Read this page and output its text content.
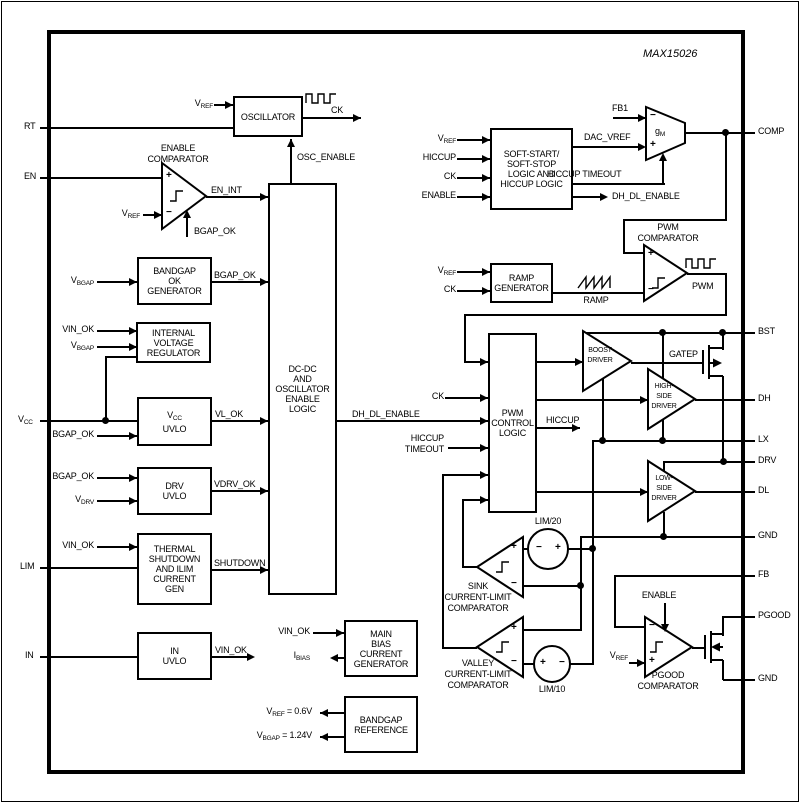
OSCILLATOR
DC-DC
AND
OSCILLATOR
ENABLE
LOGIC
SOFT-START/
SOFT-STOP
LOGIC AND
HICCUP LOGIC
RAMP
GENERATOR
PWM
CONTROL
LOGIC
BANDGAP
OK
GENERATOR
INTERNAL
VOLTAGE
REGULATOR
$V_{CC}$
UVLO
DRV
UVLO
THERMAL
SHUTDOWN
AND ILIM
CURRENT
GEN
IN
UVLO
MAIN
BIAS
CURRENT
GENERATOR
BANDGAP
REFERENCE
MAX15026
RT
EN
$V_{CC}$
LIM
IN
COMP
BST
DH
LX
DRV
DL
GND
FB
PGOOD
GND
$V_{REF}$	CK
OSC_ENABLE
ENABLE
COMPARATOR
$V_{REF}$
EN_INT
BGAP_OK
+
−
$V_{BGAP}$
BGAP_OK
VIN_OK
$V_{BGAP}$
VL_OK
BGAP_OK
BGAP_OK
$V_{DRV}$
VDRV_OK
VIN_OK
SHUTDOWN
VIN_OK
VIN_OK
$I_{BIAS}$
$V_{REF} = 0.6V$
$V_{BGAP} = 1.24V$
$V_{REF}$
HICCUP
CK
ENABLE
DAC_VREF
FB1
HICCUP TIMEOUT
DH_DL_ENABLE
$g_M$
−
+
$V_{REF}$
CK
RAMP
PWM
COMPARATOR
PWM
+
−
CK
DH_DL_ENABLE
HICCUP
TIMEOUT
HICCUP
BOOST
DRIVER
GATEP
HIGH-
SIDE
DRIVER
LOW-
SIDE
DRIVER
LIM/20
LIM/10
− +
+ −
+
−
+
−
SINK
CURRENT-LIMIT
COMPARATOR
VALLEY
CURRENT-LIMIT
COMPARATOR
ENABLE
$V_{REF}$
−
+
PGOOD
COMPARATOR
